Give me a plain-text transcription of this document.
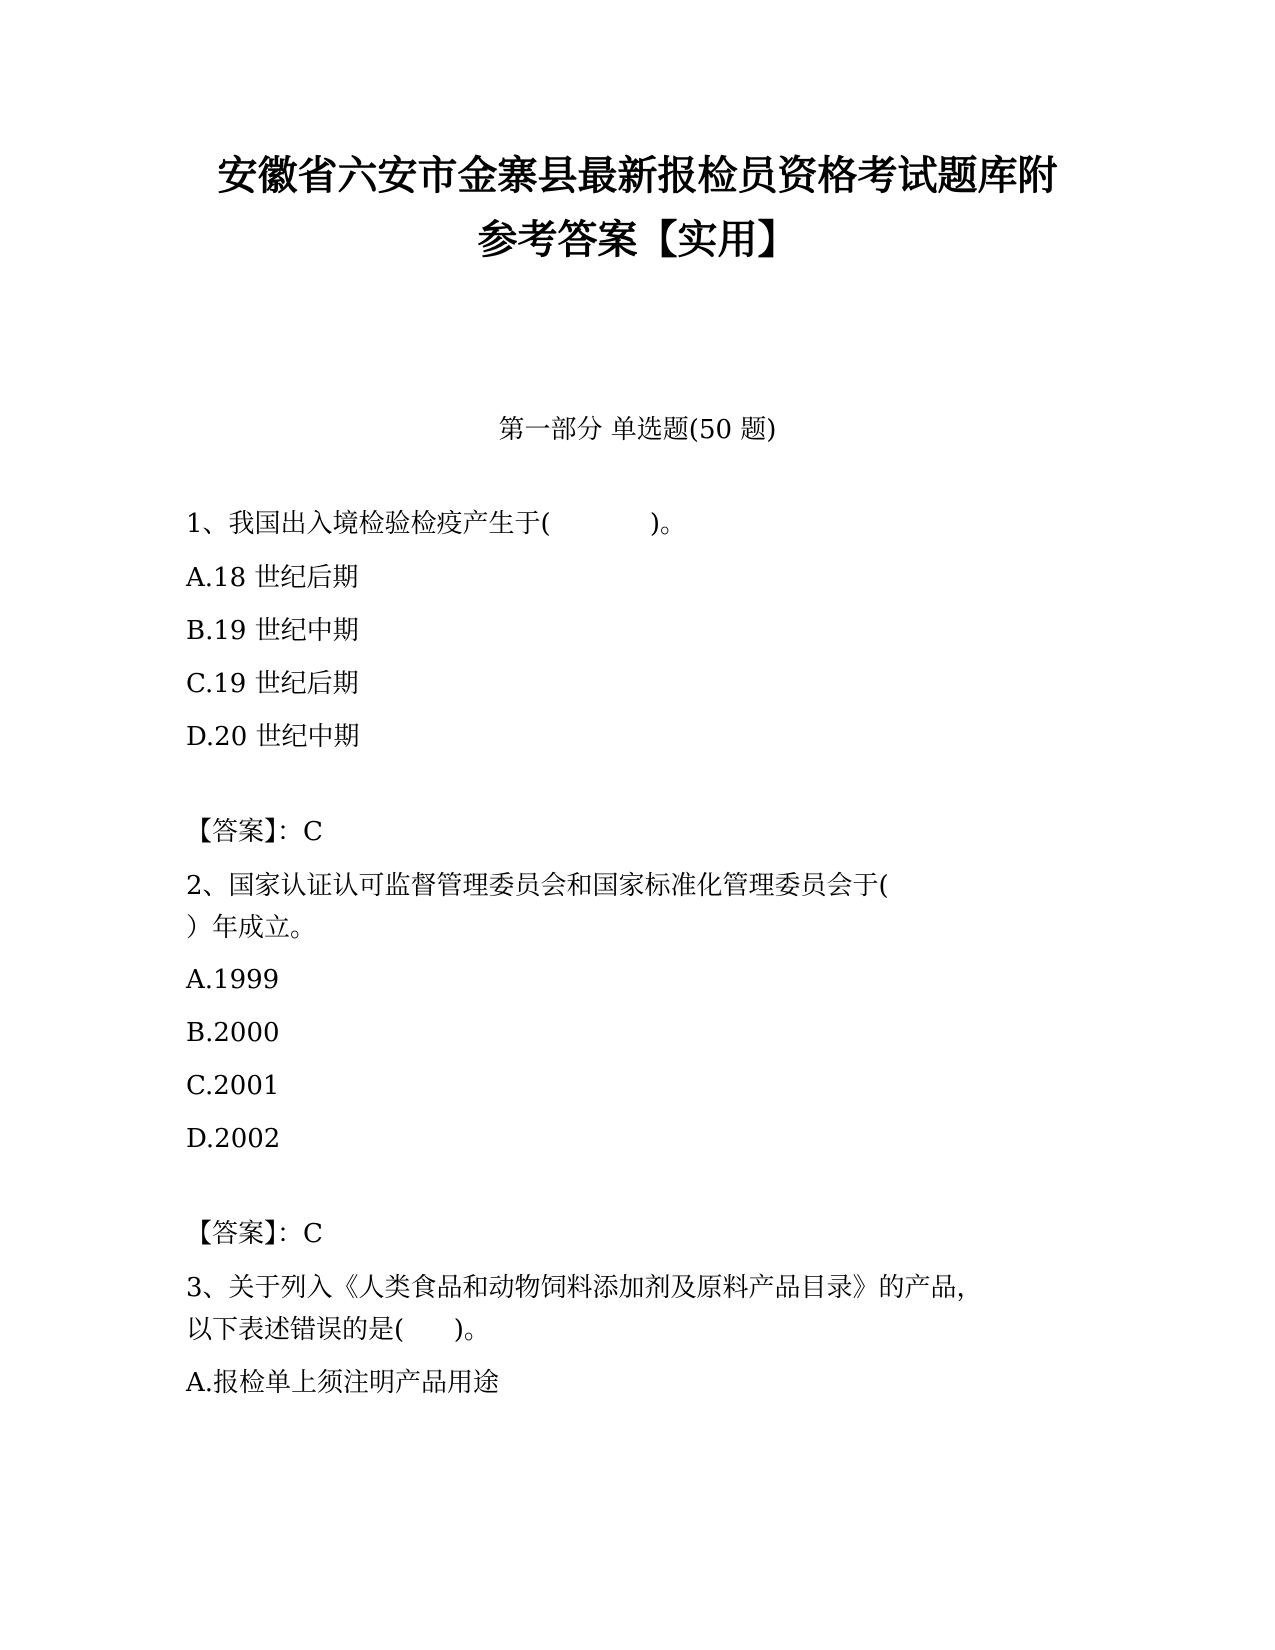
安徽省六安市金寨县最新报检员资格考试题库附
参考答案【实用】
第一部分 单选题(50 题)
1、我国出入境检验检疫产生于(            )。
A.18 世纪后期
B.19 世纪中期
C.19 世纪后期
D.20 世纪中期
【答案】：C
2、国家认证认可监督管理委员会和国家标准化管理委员会于(
）年成立。
A.1999
B.2000
C.2001
D.2002
【答案】：C
3、关于列入《人类食品和动物饲料添加剂及原料产品目录》的产品，
以下表述错误的是(      )。
A.报检单上须注明产品用途
